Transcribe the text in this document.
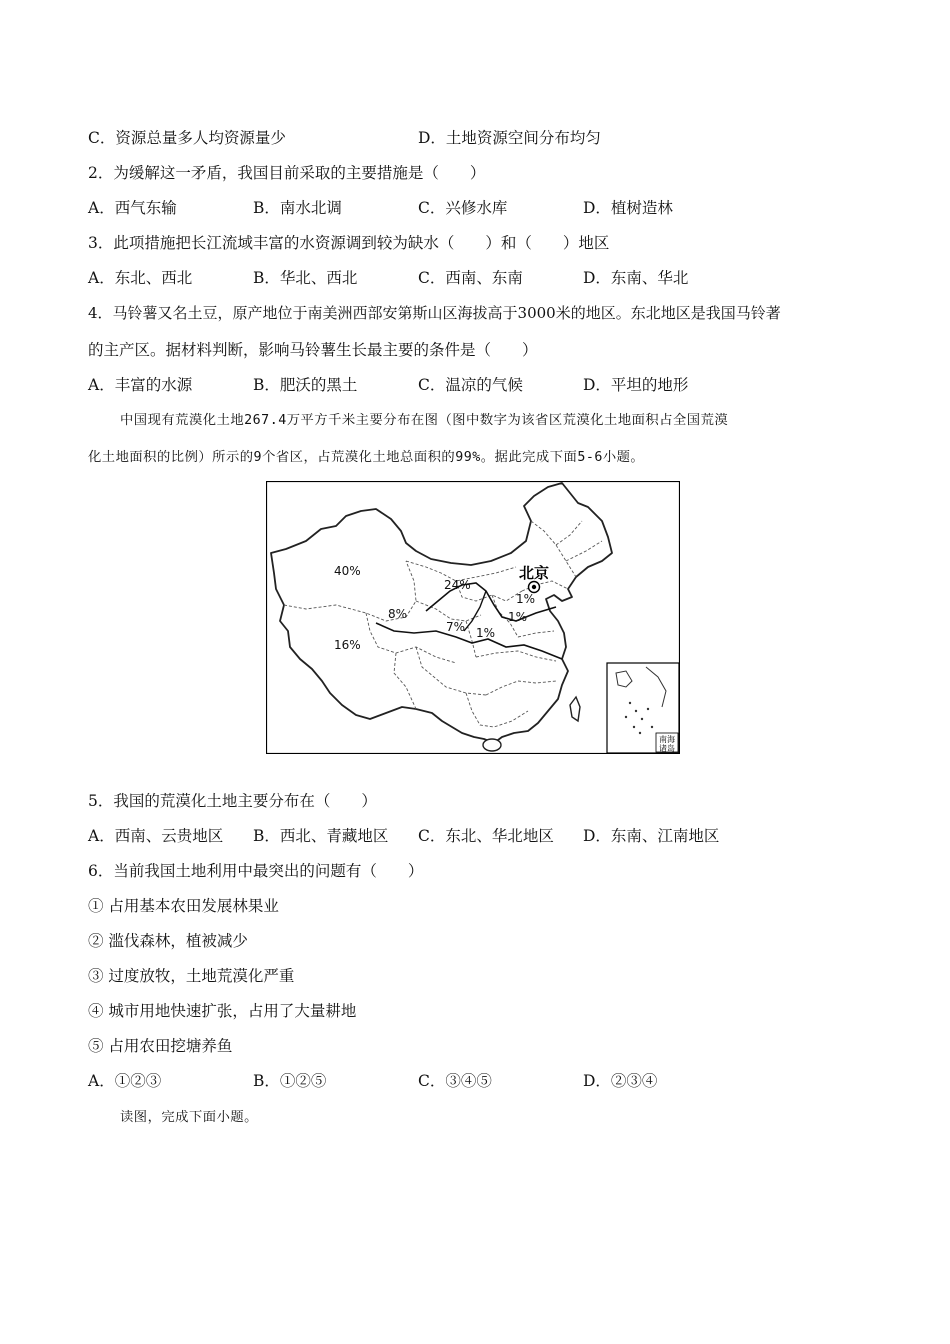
C．资源总量多人均资源量少	D．土地资源空间分布均匀
2．为缓解这一矛盾，我国目前采取的主要措施是（　　）
A．西气东输	B．南水北调	C．兴修水库	D．植树造林
3．此项措施把长江流域丰富的水资源调到较为缺水（　　）和（　　）地区
A．东北、西北	B．华北、西北	C．西南、东南	D．东南、华北
4．马铃薯又名土豆，原产地位于南美洲西部安第斯山区海拔高于3000米的地区。东北地区是我国马铃著
的主产区。据材料判断，影响马铃薯生长最主要的条件是（　　）
A．丰富的水源	B．肥沃的黑土	C．温凉的气候	D．平坦的地形
中国现有荒漠化土地267.4万平方千米主要分布在图（图中数字为该省区荒漠化土地面积占全国荒漠
化土地面积的比例）所示的9个省区，占荒漠化土地总面积的99%。据此完成下面5-6小题。
南海
诸岛
北京
40%
24%
8%
7% 1%
16%
1%
1%
5．我国的荒漠化土地主要分布在（　　）
A．西南、云贵地区 B．西北、青藏地区 C．东北、华北地区 D．东南、江南地区
6．当前我国土地利用中最突出的问题有（　　）
① 占用基本农田发展林果业
② 滥伐森林，植被减少
③ 过度放牧，土地荒漠化严重
④ 城市用地快速扩张，占用了大量耕地
⑤ 占用农田挖塘养鱼
A．①②③	B．①②⑤	C．③④⑤	D．②③④
读图，完成下面小题。
